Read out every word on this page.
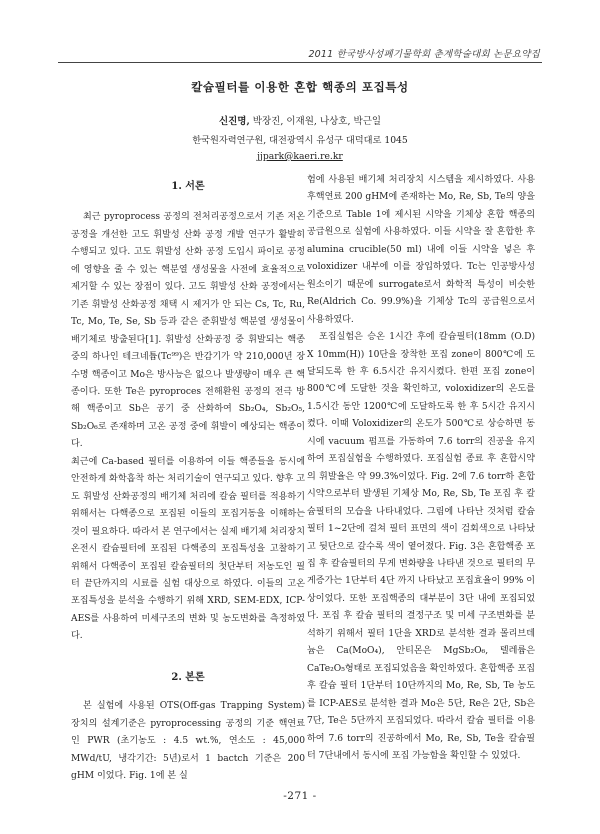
2011 한국방사성폐기물학회 춘계학술대회 논문요약집
칼슘필터를 이용한 혼합 핵종의 포집특성
신진명, 박장진, 이재원, 나상호, 박근일
한국원자력연구원, 대전광역시 유성구 대덕대로 1045
jjpark@kaeri.re.kr
1. 서론

최근 pyroprocess 공정의 전처리공정으로서 기존 저온 공정을 개선한 고도 휘발성 산화 공정 개발 연구가 활발히 수행되고 있다. 고도 휘발성 산화 공정 도입시 파이로 공정에 영향을 줄 수 있는 핵분열 생성물을 사전에 효율적으로 제거할 수 있는 장점이 있다. 고도 휘발성 산화 공정에서는 기존 휘발성 산화공정 채택 시 제거가 안 되는 Cs, Tc, Ru, Tc, Mo, Te, Se, Sb 등과 같은 준휘발성 핵분열 생성물이 배기체로 방출된다[1]. 휘발성 산화공정 중 휘발되는 핵종 중의 하나인 테크네튬(Tc⁹⁹)은 반감기가 약 210,000년 장수명 핵종이고 Mo은 방사능은 없으나 발생량이 매우 큰 핵종이다. 또한 Te은 pyroproces 전해환원 공정의 전극 방해 핵종이고 Sb은 공기 중 산화하여 Sb₂O₄, Sb₂O₅, Sb₂O₆로 존재하며 고온 공정 중에 휘발이 예상되는 핵종이다.

최근에 Ca-based 필터를 이용하여 이들 핵종들을 동시에 안전하게 화학흡착 하는 처리기술이 연구되고 있다. 향후 고도 휘발성 산화공정의 배기체 처리에 칼슘 필터를 적용하기 위해서는 다핵종으로 포집된 이들의 포집거동을 이해하는 것이 필요하다. 따라서 본 연구에서는 실제 배기체 처리장치 온전시 칼슘필터에 포집된 다핵종의 포집특성을 고찰하기 위해서 다핵종이 포집된 칼슘필터의 첫단부터 저농도인 필터 끝단까지의 시료를 실험 대상으로 하였다. 이들의 고온 포집특성을 분석을 수행하기 위해 XRD, SEM-EDX, ICP-AES를 사용하여 미세구조의 변화 및 농도변화를 측정하였다.

2. 본론

본 실험에 사용된 OTS(Off-gas Trapping System) 장치의 설계기준은 pyroprocessing 공정의 기준 핵연료인 PWR (초기농도 : 4.5 wt.%, 연소도 : 45,000 MWd/tU, 냉각기간: 5년)로서 1 bactch 기준은 200 gHM 이었다. Fig. 1에 본 실

험에 사용된 배기체 처리장치 시스템을 제시하였다. 사용후핵연료 200 gHM에 존재하는 Mo, Re, Sb, Te의 양을 기준으로 Table 1에 제시된 시약을 기체상 혼합 핵종의 공급원으로 실험에 사용하였다. 이들 시약을 잘 혼합한 후 alumina crucible(50 ml) 내에 이들 시약을 넣은 후 voloxidizer 내부에 이를 장입하였다. Tc는 인공방사성 원소이기 때문에 surrogate로서 화학적 특성이 비슷한 Re(Aldrich Co. 99.9%)을 기체상 Tc의 공급원으로서 사용하였다.

포집실험은 승온 1시간 후에 칼슘필터(18mm (O.D) X 10mm(H)) 10단을 장착한 포집 zone이 800℃에 도달되도록 한 후 6.5시간 유지시켰다. 한편 포집 zone이 800℃에 도달한 것을 확인하고, voloxidizer의 온도를 1.5시간 동안 1200℃에 도달하도록 한 후 5시간 유지시켰다. 이때 Voloxidizer의 온도가 500℃로 상승하면 동시에 vacuum 펌프를 가동하여 7.6 torr의 진공을 유지하여 포집실험을 수행하였다. 포집실험 종료 후 혼합시약의 휘발율은 약 99.3%이었다. Fig. 2에 7.6 torr하 혼합 시약으로부터 발생된 기체상 Mo, Re, Sb, Te 포집 후 칼슘필터의 모습을 나타내었다. 그림에 나타난 것처럼 칼슘 필터 1~2단에 걸쳐 필터 표면의 색이 검회색으로 나타났고 뒷단으로 갈수록 색이 옅어졌다. Fig. 3은 혼합핵종 포집 후 칼슘필터의 무게 변화량을 나타낸 것으로 필터의 무게증가는 1단부터 4단 까지 나타났고 포집효율이 99% 이상이었다. 또한 포집핵종의 대부분이 3단 내에 포집되었다. 포집 후 칼슘 필터의 결정구조 및 미세 구조변화를 분석하기 위해서 필터 1단을 XRD로 분석한 결과 몰리브데늄은 Ca(MoO₄), 안티몬은 MgSb₂O₆, 텔레륨은 CaTe₂O₅형태로 포집되었음을 확인하였다. 혼합핵종 포집 후 칼슘 필터 1단부터 10단까지의 Mo, Re, Sb, Te 농도를 ICP-AES로 분석한 결과 Mo은 5단, Re은 2단, Sb은 7단, Te은 5단까지 포집되었다. 따라서 칼슘 필터를 이용하여 7.6 torr의 진공하에서 Mo, Re, Sb, Te을 칼슘필터 7단내에서 동시에 포집 가능함을 확인할 수 있었다.

-271 -
